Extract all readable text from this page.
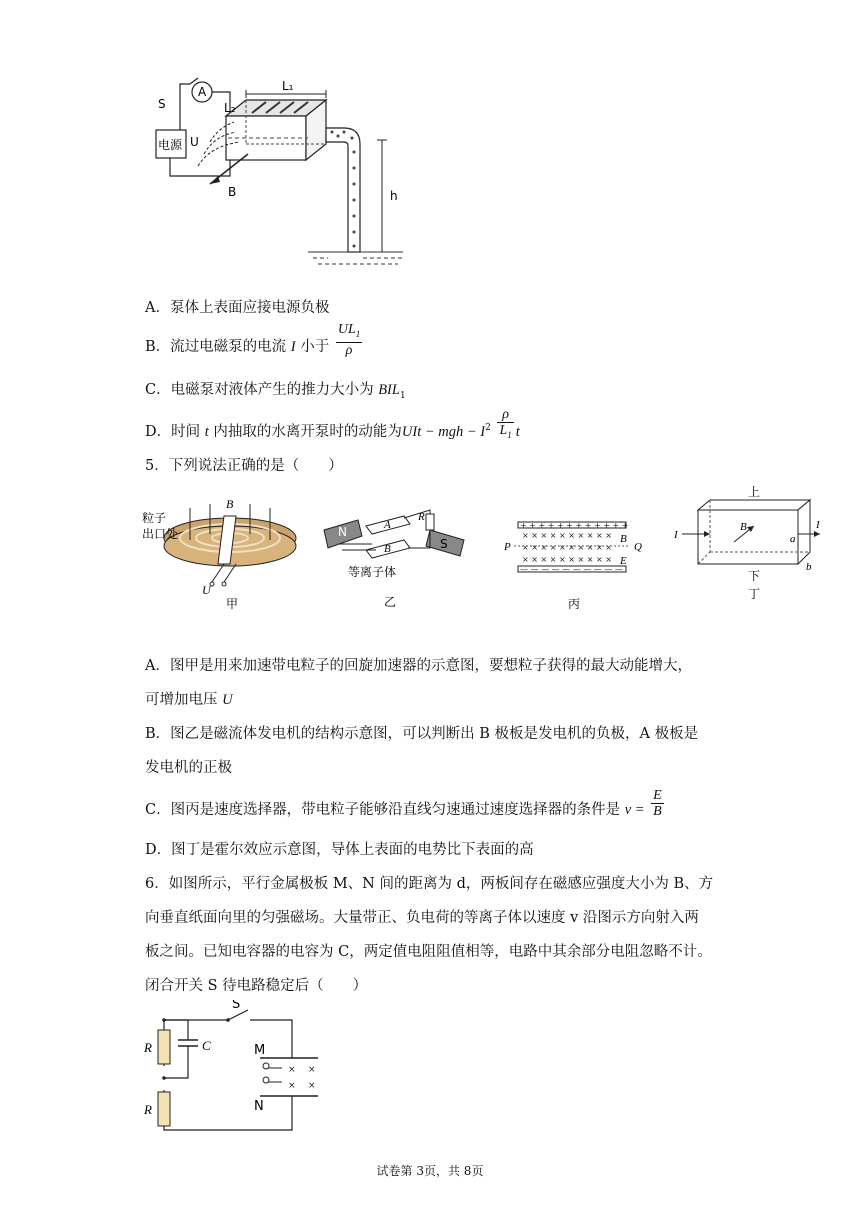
S
A
U
电源
B
L₁
L₂
h
A．泵体上表面应接电源负极
B．流过电磁泵的电流 I 小于 $\frac{UL_1}{\rho}$
C．电磁泵对液体产生的推力大小为 $BIL_1$
D．时间 t 内抽取的水离开泵时的动能为UIt − mgh − $I^2 \frac{\rho}{L_1}$ t
5．下列说法正确的是（　　）
B
粒子
出口处
U
甲
N
S
A
B
R
等离子体
乙
+ + + + + + + + + + + +
— — — — — — — — — —
× × × × × × × × × ×
× × × × × × × × × ×
× × × × × × × × × ×
P	Q
B
E
丙
上
下
I
I
B
a
b
丁
A．图甲是用来加速带电粒子的回旋加速器的示意图，要想粒子获得的最大动能增大，
可增加电压 U
B．图乙是磁流体发电机的结构示意图，可以判断出 B 极板是发电机的负极，A 极板是
发电机的正极
C．图丙是速度选择器，带电粒子能够沿直线匀速通过速度选择器的条件是 $v = \frac{E}{B}$
D．图丁是霍尔效应示意图，导体上表面的电势比下表面的高
6．如图所示，平行金属极板 M、N 间的距离为 d，两板间存在磁感应强度大小为 B、方
向垂直纸面向里的匀强磁场。大量带正、负电荷的等离子体以速度 v 沿图示方向射入两
板之间。已知电容器的电容为 C，两定值电阻阻值相等，电路中其余部分电阻忽略不计。
闭合开关 S 待电路稳定后（　　）
× ×
× ×
S
R
R
C	M
N
试卷第 3页，共 8页
